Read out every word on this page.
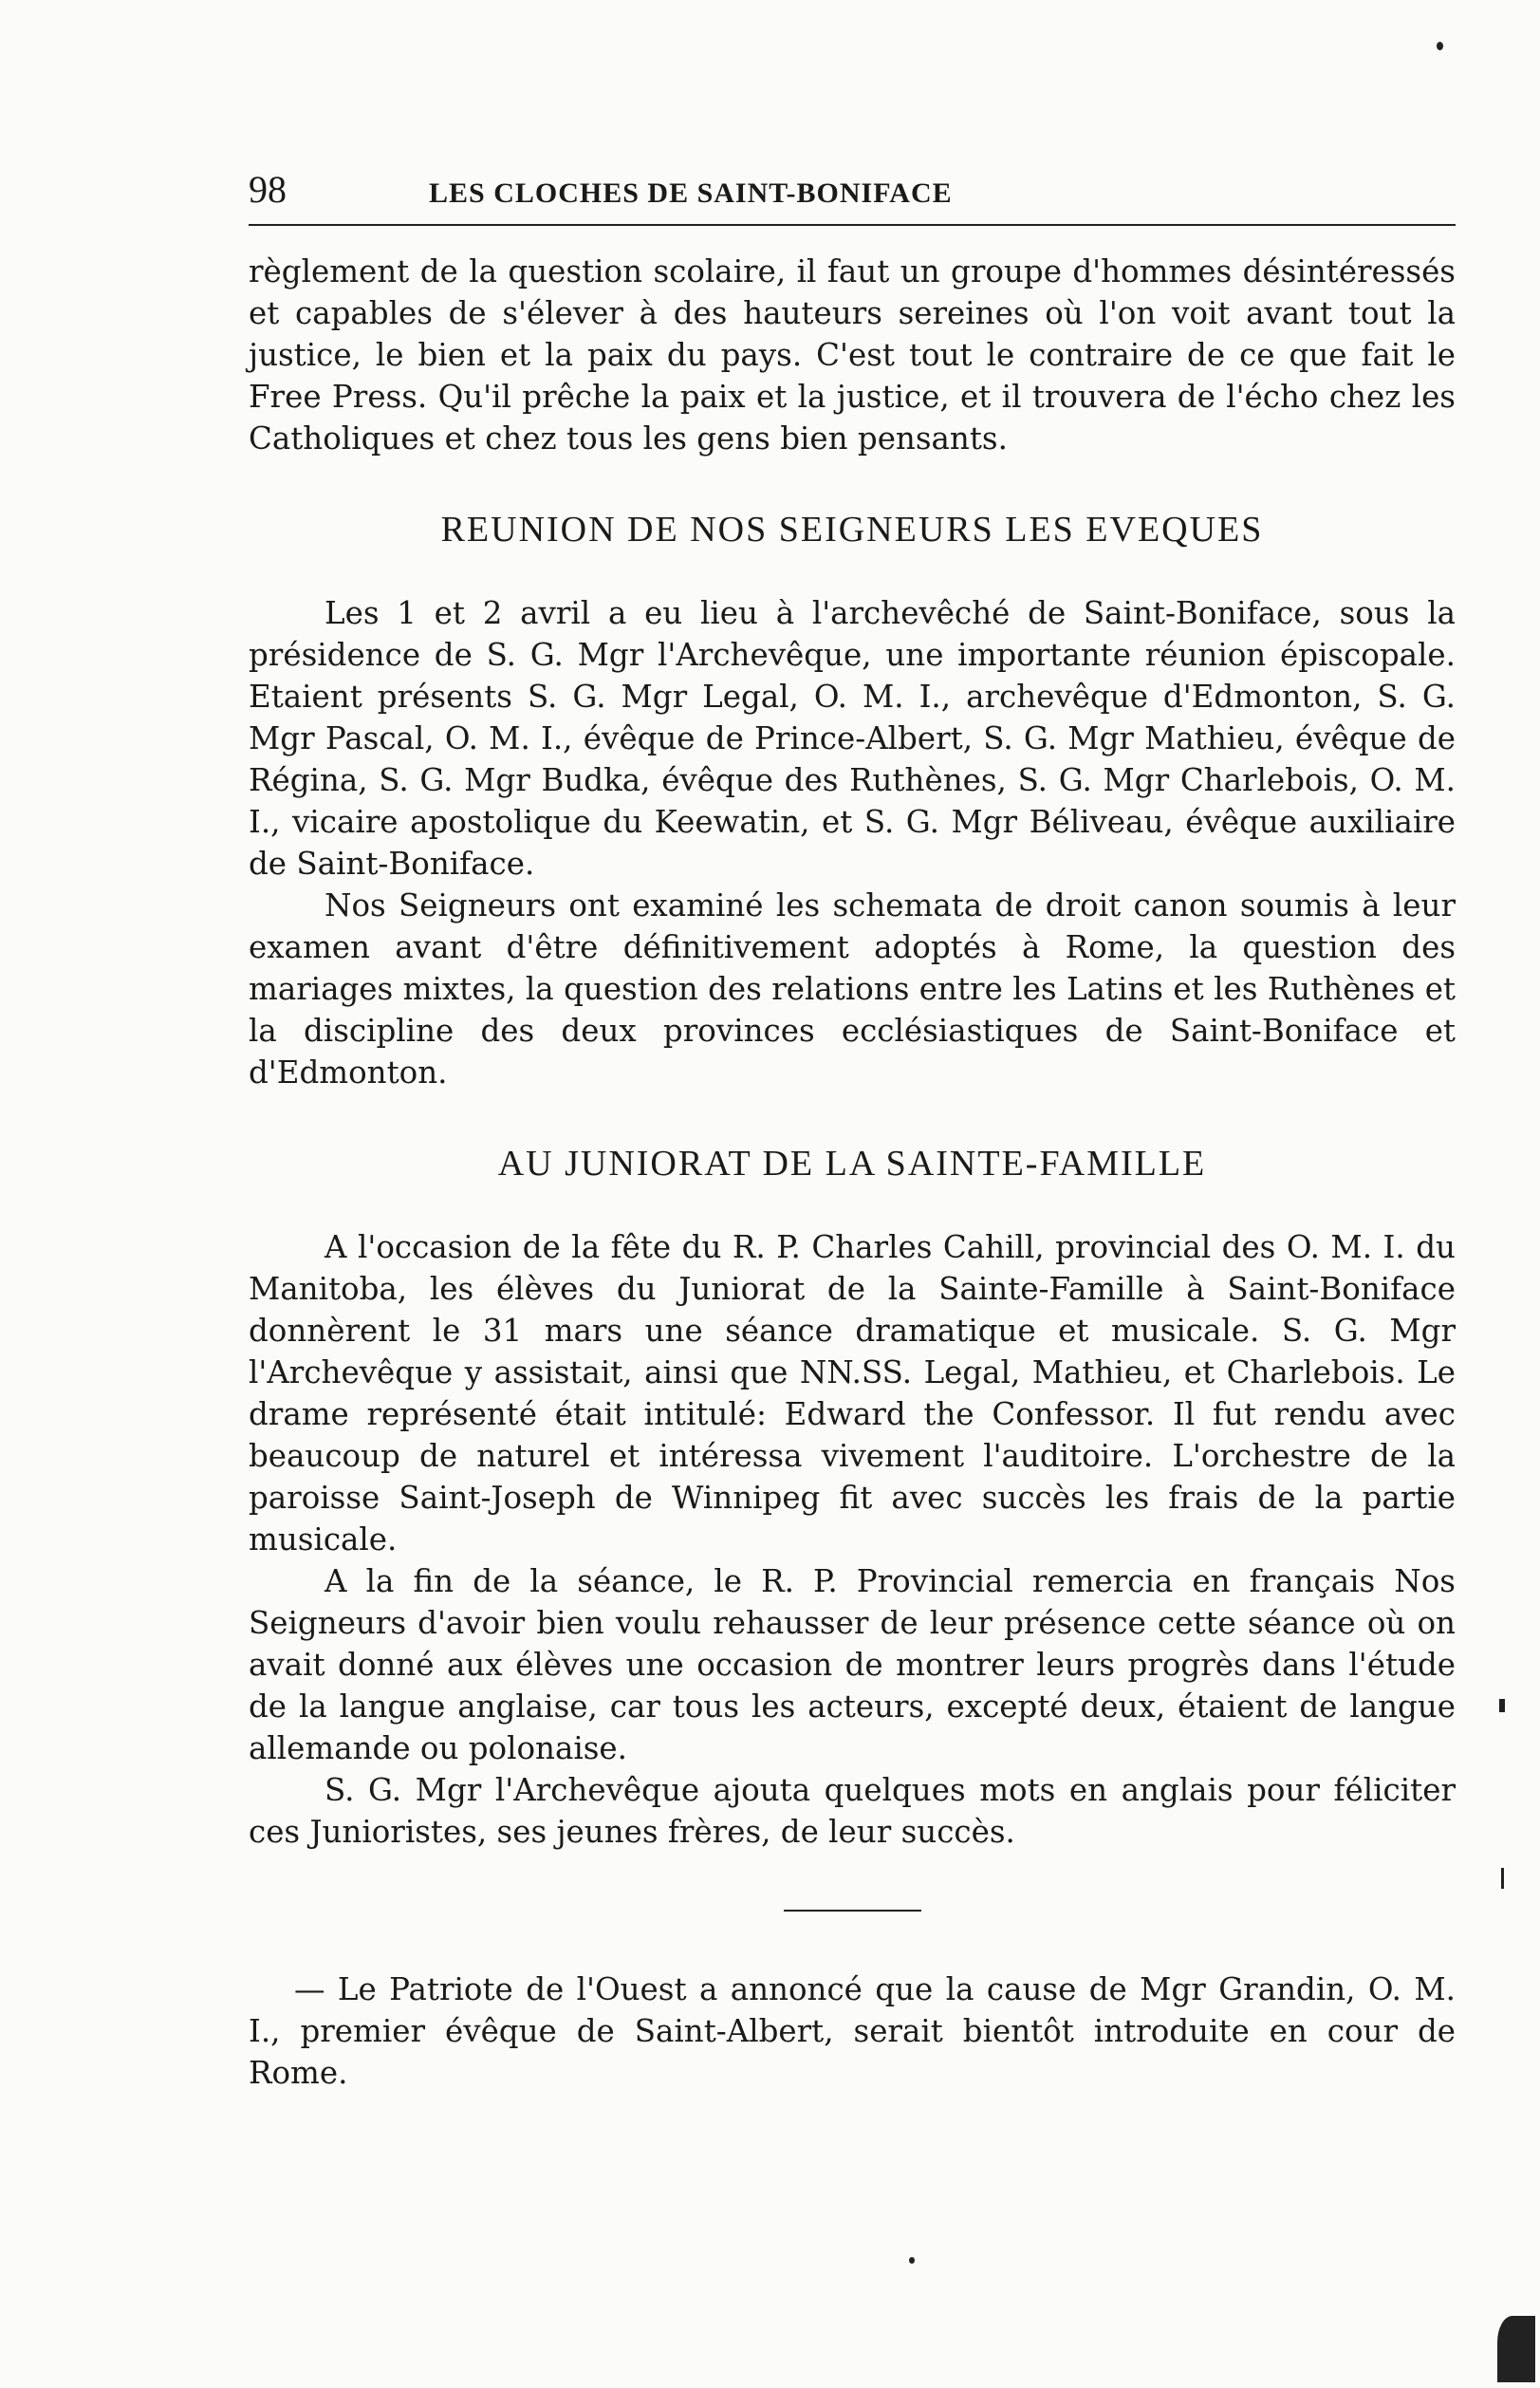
98	LES CLOCHES DE SAINT-BONIFACE

règlement de la question scolaire, il faut un groupe d'hommes désintéressés et capables de s'élever à des hauteurs sereines où l'on voit avant tout la justice, le bien et la paix du pays. C'est tout le contraire de ce que fait le Free Press. Qu'il prêche la paix et la justice, et il trouvera de l'écho chez les Catholiques et chez tous les gens bien pensants.

REUNION DE NOS SEIGNEURS LES EVEQUES

Les 1 et 2 avril a eu lieu à l'archevêché de Saint-Boniface, sous la présidence de S. G. Mgr l'Archevêque, une importante réunion épiscopale. Etaient présents S. G. Mgr Legal, O. M. I., archevêque d'Edmonton, S. G. Mgr Pascal, O. M. I., évêque de Prince-Albert, S. G. Mgr Mathieu, évêque de Régina, S. G. Mgr Budka, évêque des Ruthènes, S. G. Mgr Charlebois, O. M. I., vicaire apostolique du Keewatin, et S. G. Mgr Béliveau, évêque auxiliaire de Saint-Boniface.

Nos Seigneurs ont examiné les schemata de droit canon soumis à leur examen avant d'être définitivement adoptés à Rome, la question des mariages mixtes, la question des relations entre les Latins et les Ruthènes et la discipline des deux provinces ecclésiastiques de Saint-Boniface et d'Edmonton.

AU JUNIORAT DE LA SAINTE-FAMILLE

A l'occasion de la fête du R. P. Charles Cahill, provincial des O. M. I. du Manitoba, les élèves du Juniorat de la Sainte-Famille à Saint-Boniface donnèrent le 31 mars une séance dramatique et musicale. S. G. Mgr l'Archevêque y assistait, ainsi que NN.SS. Legal, Mathieu, et Charlebois. Le drame représenté était intitulé: Edward the Confessor. Il fut rendu avec beaucoup de naturel et intéressa vivement l'auditoire. L'orchestre de la paroisse Saint-Joseph de Winnipeg fit avec succès les frais de la partie musicale.

A la fin de la séance, le R. P. Provincial remercia en français Nos Seigneurs d'avoir bien voulu rehausser de leur présence cette séance où on avait donné aux élèves une occasion de montrer leurs progrès dans l'étude de la langue anglaise, car tous les acteurs, excepté deux, étaient de langue allemande ou polonaise.

S. G. Mgr l'Archevêque ajouta quelques mots en anglais pour féliciter ces Junioristes, ses jeunes frères, de leur succès.

— Le Patriote de l'Ouest a annoncé que la cause de Mgr Grandin, O. M. I., premier évêque de Saint-Albert, serait bientôt introduite en cour de Rome.
